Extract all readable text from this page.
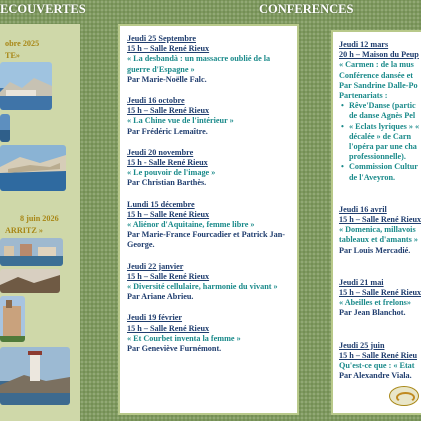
ECOUVERTES	CONFERENCES
obre 2025
TE»
8 juin 2026
ARRITZ »
Jeudi 25 Septembre
15 h – Salle René Rieux
« La desbandà : un massacre oublié de la guerre d'Espagne »
Par Marie-Noëlle Falc.
Jeudi 16 octobre
15 h – Salle René Rieux
« La Chine vue de l'intérieur »
Par Frédéric Lemaître.
Jeudi 20 novembre
15 h - Salle René Rieux
« Le pouvoir de l'image »
Par Christian Barthès.
Lundi 15 décembre
15 h – Salle René Rieux
« Aliénor d'Aquitaine, femme libre »
Par Marie-France Fourcadier et Patrick Jan-George.
Jeudi 22 janvier
15 h – Salle René Rieux
« Diversité cellulaire, harmonie du vivant »
Par Ariane Abrieu.
Jeudi 19 février
15 h – Salle René Rieux
« Et Courbet inventa la femme »
Par Geneviève Furnémont.
Jeudi 12 mars
20 h – Maison du Peup
« Carmen : de la mus Conférence dansée et
Par Sandrine Dalle-Po Partenariats :
• Rêve'Danse (partic de danse Agnès Pel
• « Eclats lyriques » « décalée » de Carn l'opéra par une cha professionnelle).
• Commission Cultur de l'Aveyron.
Jeudi 16 avril
15 h – Salle René Rieux
« Domenica, millavois tableaux et d'amants »
Par Louis Mercadié.
Jeudi 21 mai
15 h – Salle René Rieux
« Abeilles et frelons»
Par Jean Blanchot.
Jeudi 25 juin
15 h – Salle René Rieu
Qu'est-ce que : « Etat
Par Alexandre Viala.
